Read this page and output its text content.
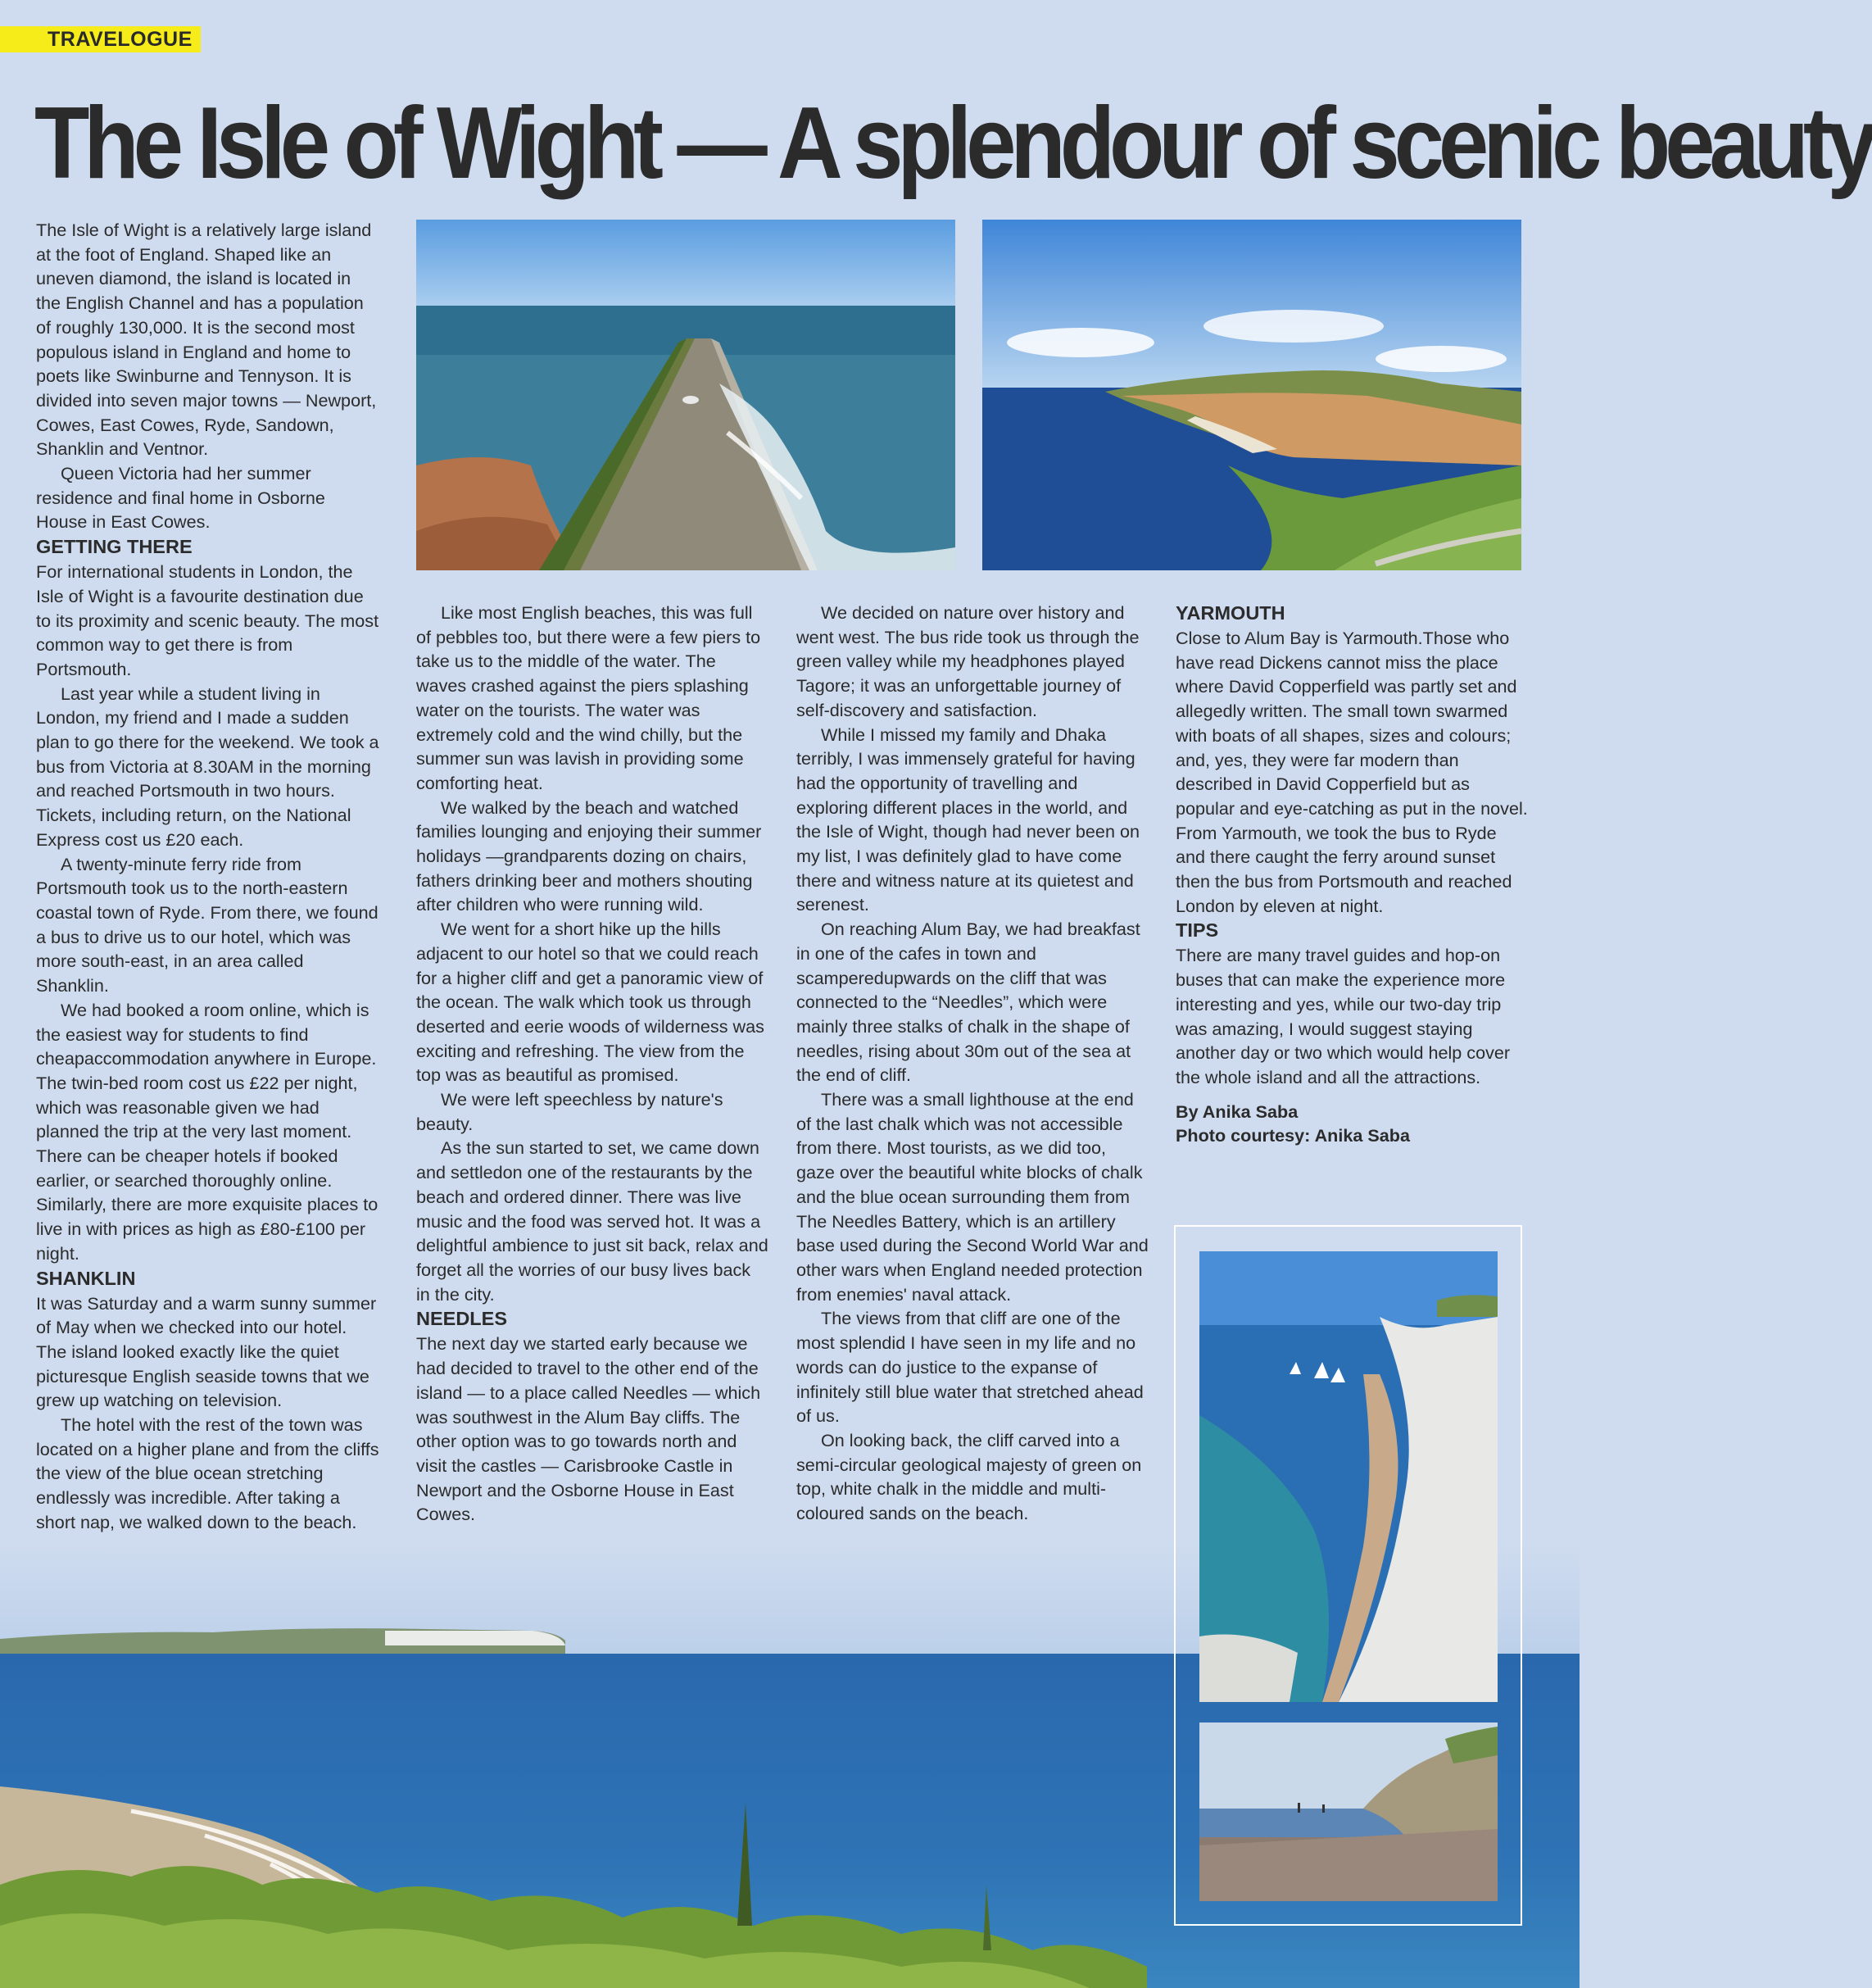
TRAVELOGUE
The Isle of Wight — A splendour of scenic beauty

The Isle of Wight is a relatively large island at the foot of England. Shaped like an uneven diamond, the island is located in the English Channel and has a population of roughly 130,000. It is the second most populous island in England and home to poets like Swinburne and Tennyson. It is divided into seven major towns — Newport, Cowes, East Cowes, Ryde, Sandown, Shanklin and Ventnor.

Queen Victoria had her summer residence and final home in Osborne House in East Cowes.

GETTING THERE

For international students in London, the Isle of Wight is a favourite destination due to its proximity and scenic beauty. The most common way to get there is from Portsmouth.

Last year while a student living in London, my friend and I made a sudden plan to go there for the weekend. We took a bus from Victoria at 8.30AM in the morning and reached Portsmouth in two hours. Tickets, including return, on the National Express cost us £20 each.

A twenty-minute ferry ride from Portsmouth took us to the north-eastern coastal town of Ryde. From there, we found a bus to drive us to our hotel, which was more south-east, in an area called Shanklin.

We had booked a room online, which is the easiest way for students to find cheapaccommodation anywhere in Europe. The twin-bed room cost us £22 per night, which was reasonable given we had planned the trip at the very last moment. There can be cheaper hotels if booked earlier, or searched thoroughly online. Similarly, there are more exquisite places to live in with prices as high as £80-£100 per night.

SHANKLIN

It was Saturday and a warm sunny summer of May when we checked into our hotel. The island looked exactly like the quiet picturesque English seaside towns that we grew up watching on television.

The hotel with the rest of the town was located on a higher plane and from the cliffs the view of the blue ocean stretching endlessly was incredible. After taking a short nap, we walked down to the beach.

Like most English beaches, this was full of pebbles too, but there were a few piers to take us to the middle of the water. The waves crashed against the piers splashing water on the tourists. The water was extremely cold and the wind chilly, but the summer sun was lavish in providing some comforting heat.

We walked by the beach and watched families lounging and enjoying their summer holidays —grandparents dozing on chairs, fathers drinking beer and mothers shouting after children who were running wild.

We went for a short hike up the hills adjacent to our hotel so that we could reach for a higher cliff and get a panoramic view of the ocean. The walk which took us through deserted and eerie woods of wilderness was exciting and refreshing. The view from the top was as beautiful as promised.

We were left speechless by nature's beauty.

As the sun started to set, we came down and settledon one of the restaurants by the beach and ordered dinner. There was live music and the food was served hot. It was a delightful ambience to just sit back, relax and forget all the worries of our busy lives back in the city.

NEEDLES

The next day we started early because we had decided to travel to the other end of the island — to a place called Needles — which was southwest in the Alum Bay cliffs. The other option was to go towards north and visit the castles — Carisbrooke Castle in Newport and the Osborne House in East Cowes.

We decided on nature over history and went west. The bus ride took us through the green valley while my headphones played Tagore; it was an unforgettable journey of self-discovery and satisfaction.

While I missed my family and Dhaka terribly, I was immensely grateful for having had the opportunity of travelling and exploring different places in the world, and the Isle of Wight, though had never been on my list, I was definitely glad to have come there and witness nature at its quietest and serenest.

On reaching Alum Bay, we had breakfast in one of the cafes in town and scamperedupwards on the cliff that was connected to the “Needles”, which were mainly three stalks of chalk in the shape of needles, rising about 30m out of the sea at the end of cliff.

There was a small lighthouse at the end of the last chalk which was not accessible from there. Most tourists, as we did too, gaze over the beautiful white blocks of chalk and the blue ocean surrounding them from The Needles Battery, which is an artillery base used during the Second World War and other wars when England needed protection from enemies' naval attack.

The views from that cliff are one of the most splendid I have seen in my life and no words can do justice to the expanse of infinitely still blue water that stretched ahead of us.

On looking back, the cliff carved into a semi-circular geological majesty of green on top, white chalk in the middle and multi-coloured sands on the beach.

YARMOUTH

Close to Alum Bay is Yarmouth.Those who have read Dickens cannot miss the place where David Copperfield was partly set and allegedly written. The small town swarmed with boats of all shapes, sizes and colours; and, yes, they were far modern than described in David Copperfield but as popular and eye-catching as put in the novel. From Yarmouth, we took the bus to Ryde and there caught the ferry around sunset then the bus from Portsmouth and reached London by eleven at night.

TIPS

There are many travel guides and hop-on buses that can make the experience more interesting and yes, while our two-day trip was amazing, I would suggest staying another day or two which would help cover the whole island and all the attractions.

By Anika Saba

Photo courtesy: Anika Saba
